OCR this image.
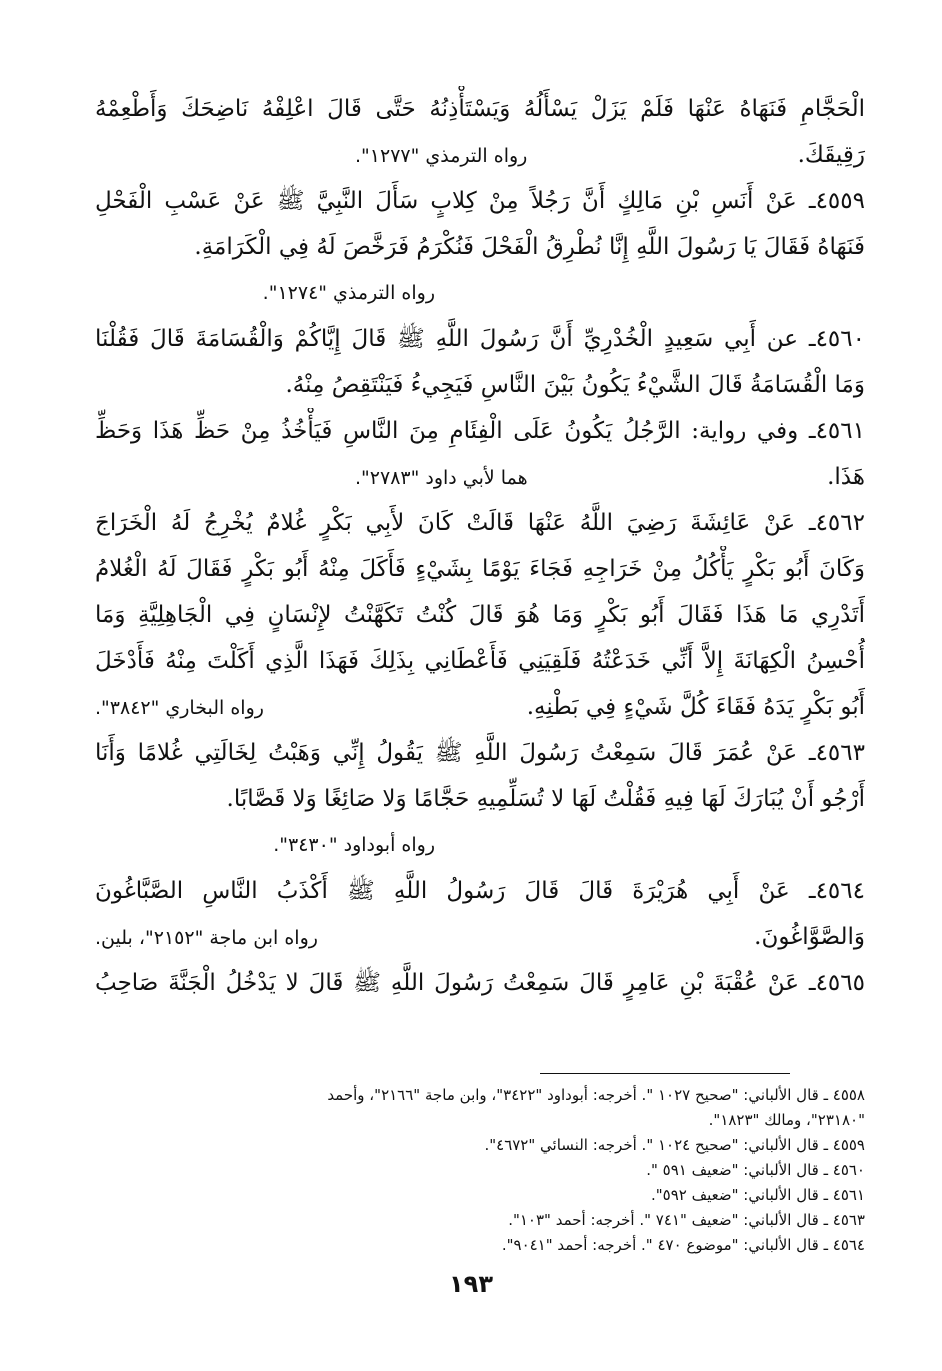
الْحَجَّامِ فَنَهَاهُ عَنْهَا فَلَمْ يَزَلْ يَسْأَلُهُ وَيَسْتَأْذِنُهُ حَتَّى قَالَ اعْلِفْهُ نَاضِحَكَ وَأَطْعِمْهُ
رَقِيقَكَ.
رواه الترمذي "١٢٧٧".
٤٥٥٩ـ عَنْ أَنَسِ بْنِ مَالِكٍ أَنَّ رَجُلاً مِنْ كِلابٍ سَأَلَ النَّبِيَّ ﷺ عَنْ عَسْبِ الْفَحْلِ
فَنَهَاهُ فَقَالَ يَا رَسُولَ اللَّهِ إِنَّا نُطْرِقُ الْفَحْلَ فَنُكْرَمُ فَرَخَّصَ لَهُ فِي الْكَرَامَةِ.
رواه الترمذي "١٢٧٤".
٤٥٦٠ـ عن أَبِي سَعِيدٍ الْخُدْرِيِّ أَنَّ رَسُولَ اللَّهِ ﷺ قَالَ إِيَّاكُمْ وَالْقُسَامَةَ قَالَ فَقُلْنَا
وَمَا الْقُسَامَةُ قَالَ الشَّيْءُ يَكُونُ بَيْنَ النَّاسِ فَيَجِيءُ فَيَنْتَقِصُ مِنْهُ.
٤٥٦١ـ وفي رواية: الرَّجُلُ يَكُونُ عَلَى الْفِئَامِ مِنَ النَّاسِ فَيَأْخُذُ مِنْ حَظِّ هَذَا وَحَظِّ
هَذَا.
هما لأبي داود "٢٧٨٣".
٤٥٦٢ـ عَنْ عَائِشَةَ رَضِيَ اللَّهُ عَنْهَا قَالَتْ كَانَ لأَبِي بَكْرٍ غُلامٌ يُخْرِجُ لَهُ الْخَرَاجَ
وَكَانَ أَبُو بَكْرٍ يَأْكُلُ مِنْ خَرَاجِهِ فَجَاءَ يَوْمًا بِشَيْءٍ فَأَكَلَ مِنْهُ أَبُو بَكْرٍ فَقَالَ لَهُ الْغُلامُ
أَتَدْرِي مَا هَذَا فَقَالَ أَبُو بَكْرٍ وَمَا هُوَ قَالَ كُنْتُ تَكَهَّنْتُ لإِنْسَانٍ فِي الْجَاهِلِيَّةِ وَمَا
أُحْسِنُ الْكِهَانَةَ إِلاَّ أَنِّي خَدَعْتُهُ فَلَقِيَنِي فَأَعْطَانِي بِذَلِكَ فَهَذَا الَّذِي أَكَلْتَ مِنْهُ فَأَدْخَلَ
أَبُو بَكْرٍ يَدَهُ فَقَاءَ كُلَّ شَيْءٍ فِي بَطْنِهِ.
رواه البخاري "٣٨٤٢".
٤٥٦٣ـ عَنْ عُمَرَ قَالَ سَمِعْتُ رَسُولَ اللَّهِ ﷺ يَقُولُ إِنِّي وَهَبْتُ لِخَالَتِي غُلامًا وَأَنَا
أَرْجُو أَنْ يُبَارَكَ لَهَا فِيهِ فَقُلْتُ لَهَا لا تُسَلِّمِيهِ حَجَّامًا وَلا صَائِغًا وَلا قَصَّابًا.
رواه أبوداود "٣٤٣٠".
٤٥٦٤ـ عَنْ أَبِي هُرَيْرَةَ قَالَ قَالَ رَسُولُ اللَّهِ ﷺ أَكْذَبُ النَّاسِ الصَّبَّاغُونَ
وَالصَّوَّاغُونَ.
رواه ابن ماجة "٢١٥٢"، بلين.
٤٥٦٥ـ عَنْ عُقْبَةَ بْنِ عَامِرٍ قَالَ سَمِعْتُ رَسُولَ اللَّهِ ﷺ قَالَ لا يَدْخُلُ الْجَنَّةَ صَاحِبُ
٤٥٥٨ ـ قال الألباني: "صحيح ١٠٢٧ ". أخرجه: أبوداود "٣٤٢٢"، وابن ماجة "٢١٦٦"، وأحمد
"٢٣١٨٠"، ومالك "١٨٢٣".
٤٥٥٩ ـ قال الألباني: "صحيح ١٠٢٤ ". أخرجه: النسائي "٤٦٧٢".
٤٥٦٠ ـ قال الألباني: "ضعيف ٥٩١ ".
٤٥٦١ ـ قال الألباني: "ضعيف ٥٩٢".
٤٥٦٣ ـ قال الألباني: "ضعيف "٧٤١ ". أخرجه: أحمد "١٠٣".
٤٥٦٤ ـ قال الألباني: "موضوع ٤٧٠ ". أخرجه: أحمد "٩٠٤١".
١٩٣
